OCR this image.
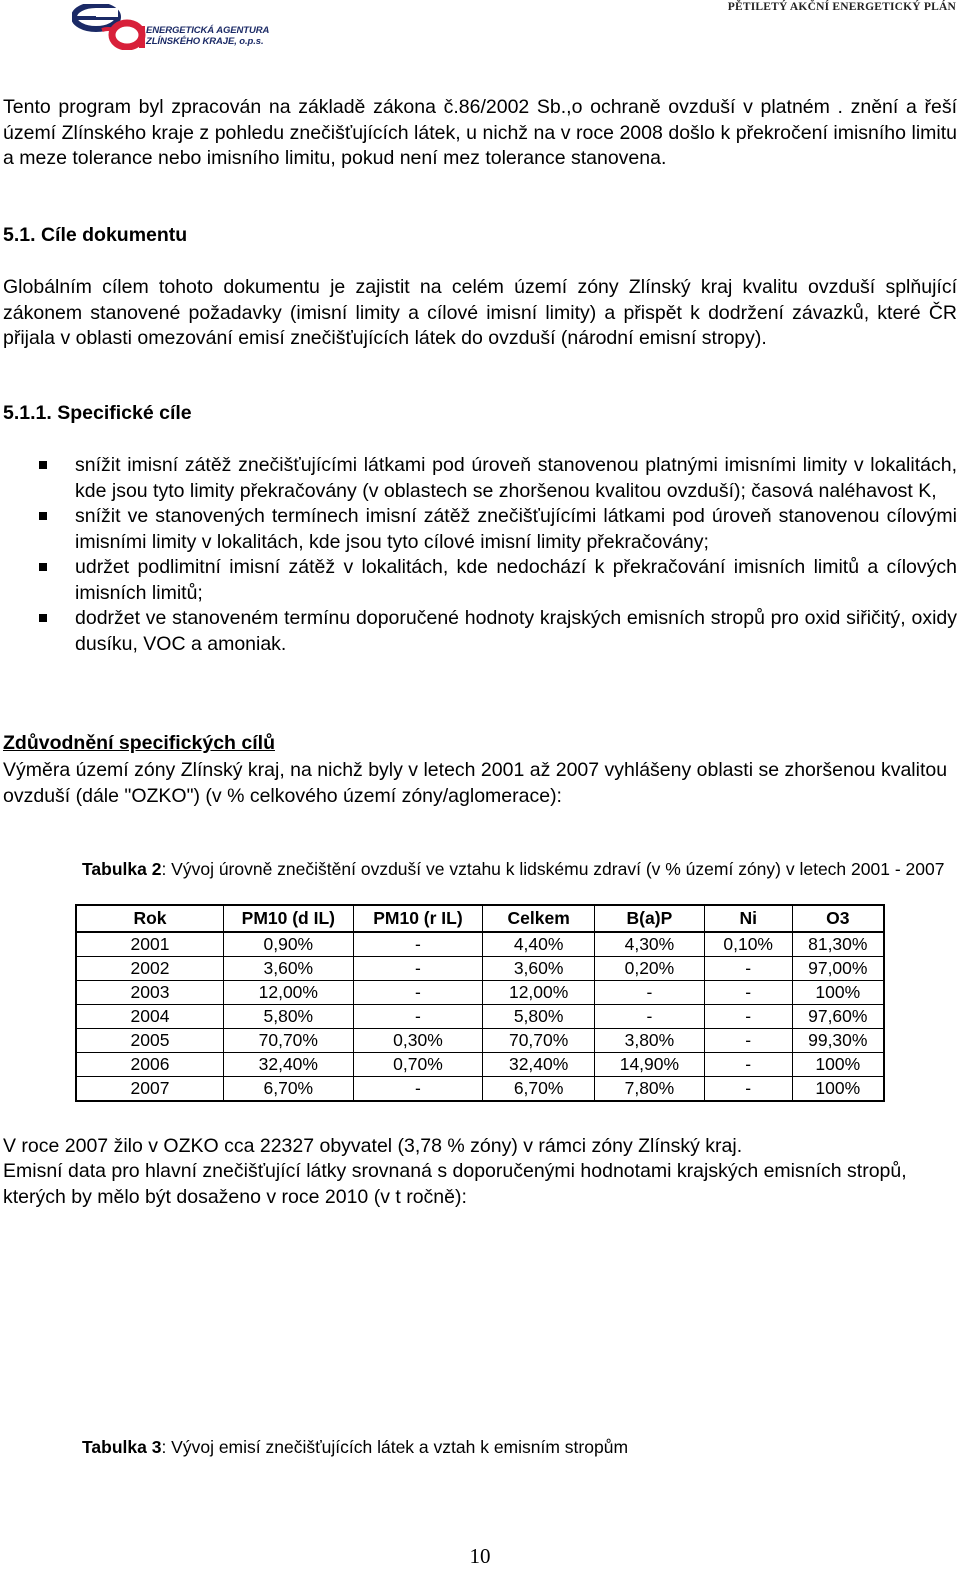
ENERGETICKÁ AGENTURA
ZLÍNSKÉHO KRAJE, o.p.s.
PĚTILETÝ AKČNÍ ENERGETICKÝ PLÁN

Tento program byl zpracován na základě zákona č.86/2002 Sb.,o ochraně ovzduší v platném . znění a řeší území Zlínského kraje z pohledu znečišťujících látek, u nichž na v roce 2008 došlo k překročení imisního limitu a meze tolerance nebo imisního limitu, pokud není mez tolerance stanovena.

5.1. Cíle dokumentu

Globálním cílem tohoto dokumentu je zajistit na celém území zóny Zlínský kraj kvalitu ovzduší splňující zákonem stanovené požadavky (imisní limity a cílové imisní limity) a přispět k dodržení závazků, které ČR přijala v oblasti omezování emisí znečišťujících látek do ovzduší (národní emisní stropy).

5.1.1. Specifické cíle
snížit imisní zátěž znečišťujícími látkami pod úroveň stanovenou platnými imisními limity v lokalitách, kde jsou tyto limity překračovány (v oblastech se zhoršenou kvalitou ovzduší); časová naléhavost K,
snížit ve stanovených termínech imisní zátěž znečišťujícími látkami pod úroveň stanovenou cílovými imisními limity v lokalitách, kde jsou tyto cílové imisní limity překračovány;
udržet podlimitní imisní zátěž v lokalitách, kde nedochází k překračování imisních limitů a cílových imisních limitů;
dodržet ve stanoveném termínu doporučené hodnoty krajských emisních stropů pro oxid siřičitý, oxidy dusíku, VOC a amoniak.
Zdůvodnění specifických cílů

Výměra území zóny Zlínský kraj, na nichž byly v letech 2001 až 2007 vyhlášeny oblasti se zhoršenou kvalitou ovzduší (dále "OZKO") (v % celkového území zóny/aglomerace):

Tabulka 2: Vývoj úrovně znečištění ovzduší ve vztahu k lidskému zdraví (v % území zóny) v letech 2001 - 2007
Rok	PM10 (d IL)	PM10 (r IL)	Celkem	B(a)P	Ni	O3
2001	0,90%	-	4,40%	4,30%	0,10%	81,30%
2002	3,60%	-	3,60%	0,20%	-	97,00%
2003	12,00%	-	12,00%	-	-	100%
2004	5,80%	-	5,80%	-	-	97,60%
2005	70,70%	0,30%	70,70%	3,80%	-	99,30%
2006	32,40%	0,70%	32,40%	14,90%	-	100%
2007	6,70%	-	6,70%	7,80%	-	100%

V roce 2007 žilo v OZKO cca 22327 obyvatel (3,78 % zóny) v rámci zóny Zlínský kraj.

Emisní data pro hlavní znečišťující látky srovnaná s doporučenými hodnotami krajských emisních stropů, kterých by mělo být dosaženo v roce 2010 (v t ročně):

Tabulka 3: Vývoj emisí znečišťujících látek a vztah k emisním stropům
10
